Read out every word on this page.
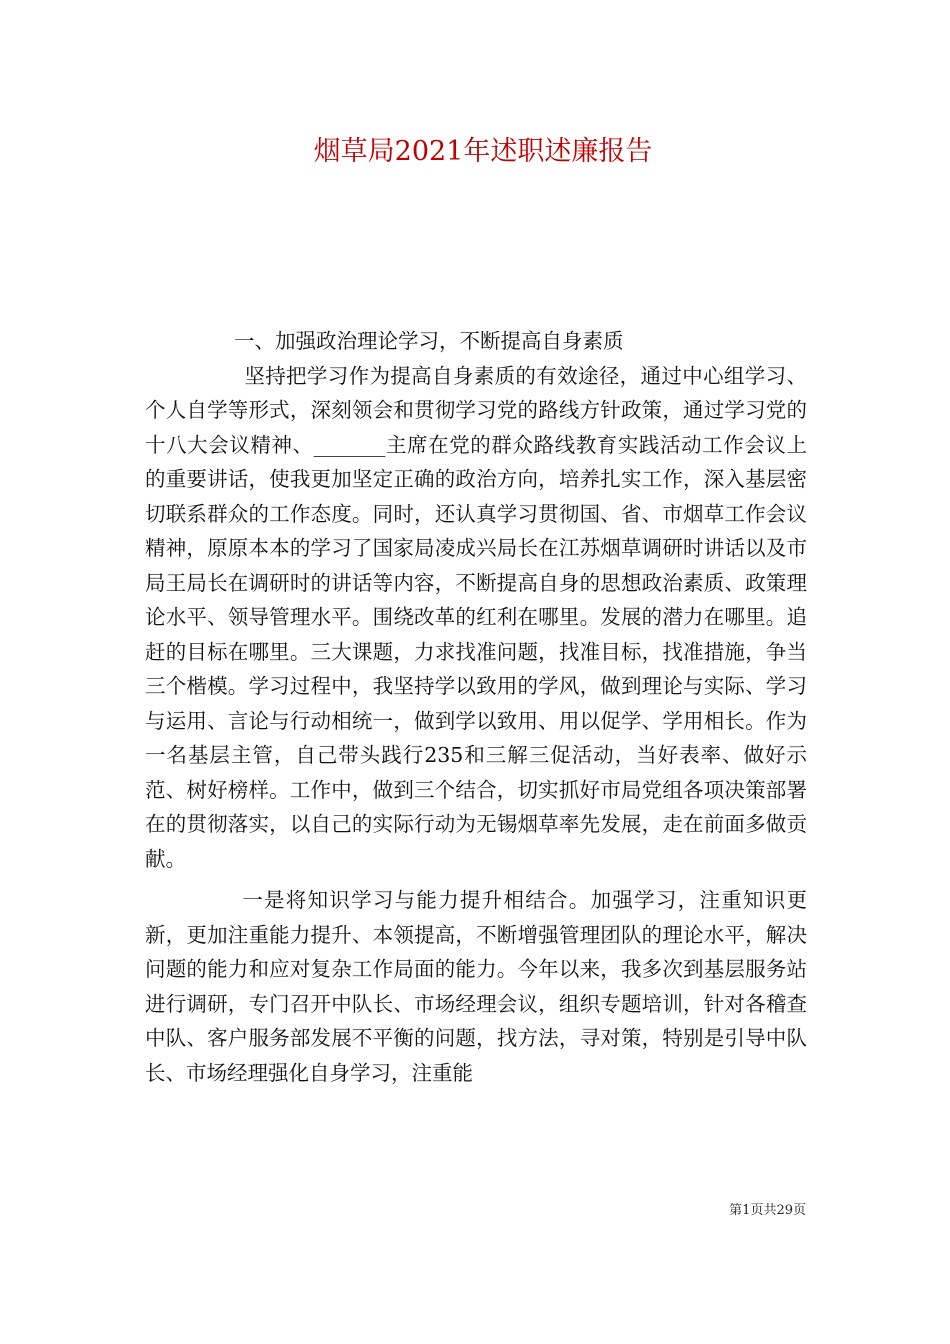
烟草局2021年述职述廉报告

一、加强政治理论学习，不断提高自身素质

坚持把学习作为提高自身素质的有效途径，通过中心组学习、个人自学等形式，深刻领会和贯彻学习党的路线方针政策，通过学习党的十八大会议精神、_______主席在党的群众路线教育实践活动工作会议上的重要讲话，使我更加坚定正确的政治方向，培养扎实工作，深入基层密切联系群众的工作态度。同时，还认真学习贯彻国、省、市烟草工作会议精神，原原本本的学习了国家局凌成兴局长在江苏烟草调研时讲话以及市局王局长在调研时的讲话等内容，不断提高自身的思想政治素质、政策理论水平、领导管理水平。围绕改革的红利在哪里。发展的潜力在哪里。追赶的目标在哪里。三大课题，力求找准问题，找准目标，找准措施，争当三个楷模。学习过程中，我坚持学以致用的学风，做到理论与实际、学习与运用、言论与行动相统一，做到学以致用、用以促学、学用相长。作为一名基层主管，自己带头践行235和三解三促活动，当好表率、做好示范、树好榜样。工作中，做到三个结合，切实抓好市局党组各项决策部署在的贯彻落实，以自己的实际行动为无锡烟草率先发展，走在前面多做贡献。

一是将知识学习与能力提升相结合。加强学习，注重知识更新，更加注重能力提升、本领提高，不断增强管理团队的理论水平，解决问题的能力和应对复杂工作局面的能力。今年以来，我多次到基层服务站进行调研，专门召开中队长、市场经理会议，组织专题培训，针对各稽查中队、客户服务部发展不平衡的问题，找方法，寻对策，特别是引导中队长、市场经理强化自身学习，注重能

第1页共29页
